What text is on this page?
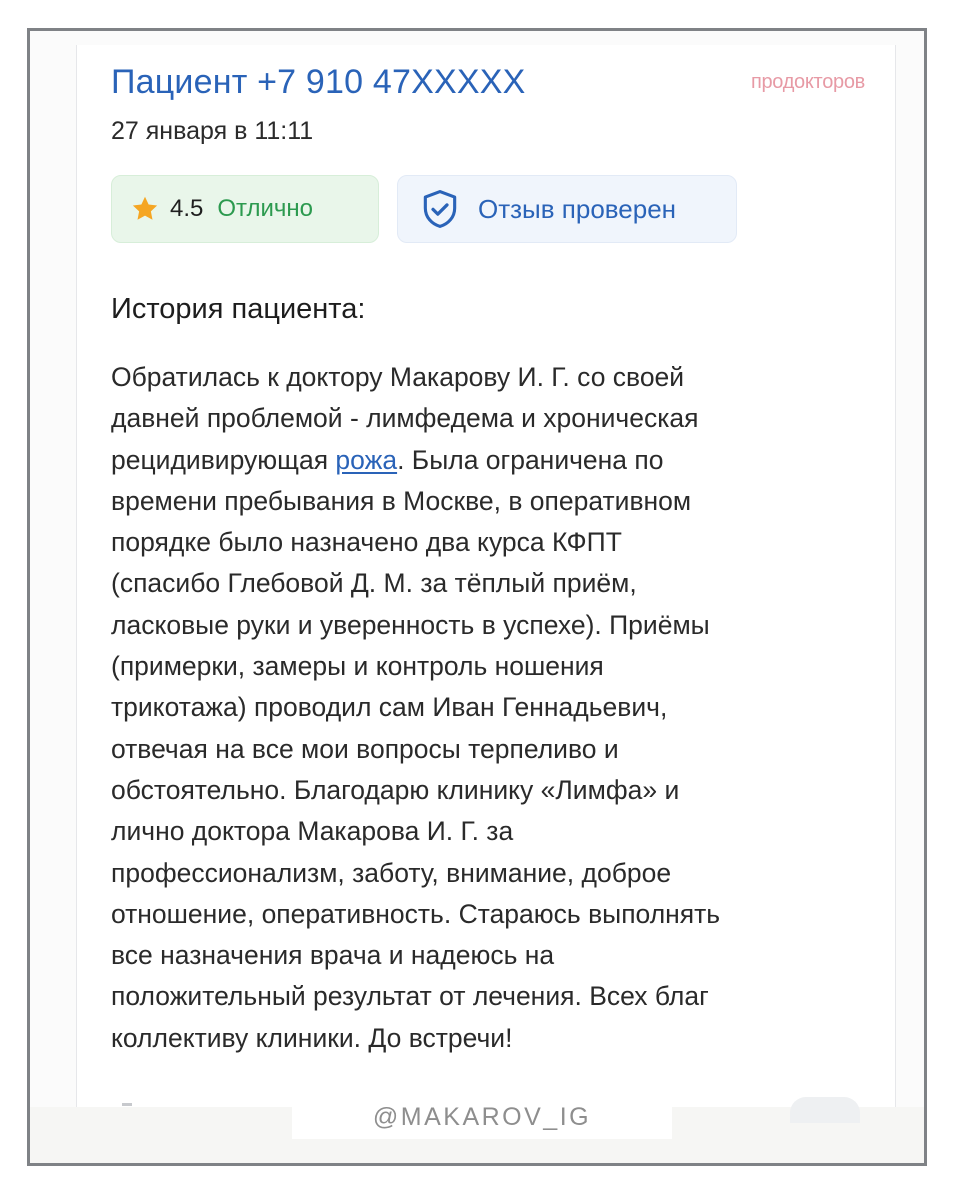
Пациент +7 910 47XXXXX	продокторов
27 января в 11:11
4.5 Отлично	Отзыв проверен
История пациента:
Обратилась к доктору Макарову И. Г. со своей
давней проблемой - лимфедема и хроническая
рецидивирующая рожа. Была ограничена по
времени пребывания в Москве, в оперативном
порядке было назначено два курса КФПТ
(спасибо Глебовой Д. М. за тёплый приём,
ласковые руки и уверенность в успехе). Приёмы
(примерки, замеры и контроль ношения
трикотажа) проводил сам Иван Геннадьевич,
отвечая на все мои вопросы терпеливо и
обстоятельно. Благодарю клинику «Лимфа» и
лично доктора Макарова И. Г. за
профессионализм, заботу, внимание, доброе
отношение, оперативность. Стараюсь выполнять
все назначения врача и надеюсь на
положительный результат от лечения. Всех благ
коллективу клиники. До встречи!
@MAKAROV_IG
